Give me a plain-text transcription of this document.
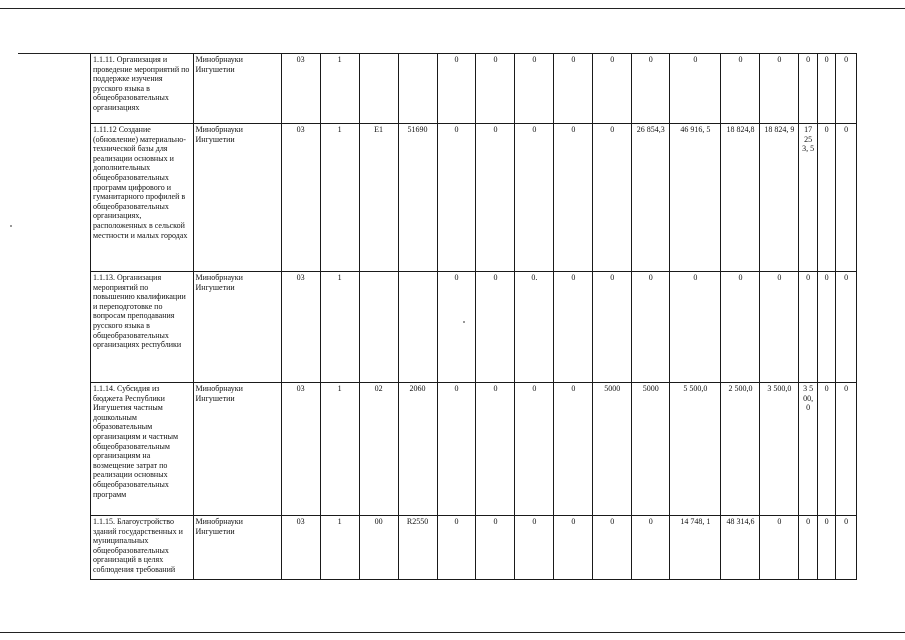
1.1.11. Организация и проведение мероприятий по поддержке изучения русского языка в общеобразовательных организациях	Минобрнауки Ингушетии	03	1			0	0	0	0	0	0	0	0	0	0	0	0
1.11.12 Создание (обновление) материально-технической базы для реализации основных и дополнительных общеобразовательных программ цифрового и гуманитарного профилей в общеобразовательных организациях, расположенных в сельской местности и малых городах	Минобрнауки Ингушетии	03	1	E1	51690	0	0	0	0	0	26 854,3	46 916, 5	18 824,8	18 824, 9	17 253, 5	0	0
1.1.13. Организация мероприятий по повышению квалификации и переподготовке по вопросам преподавания русского языка в общеобразовательных организациях республики	Минобрнауки Ингушетии	03	1			0	0	0.	0	0	0	0	0	0	0	0	0
1.1.14. Субсидия из бюджета Республики Ингушетия частным дошкольным образовательным организациям и частным общеобразовательным организациям на возмещение затрат по реализации основных общеобразовательных программ	Минобрнауки Ингушетии	03	1	02	2060	0	0	0	0	5000	5000	5 500,0	2 500,0	3 500,0	3 500,0	0	0
1.1.15. Благоустройство зданий государственных и муниципальных общеобразовательных организаций в целях соблюдения требований	Минобрнауки Ингушетии	03	1	00	R2550	0	0	0	0	0	0	14 748, 1	48 314,6	0	0	0	0
